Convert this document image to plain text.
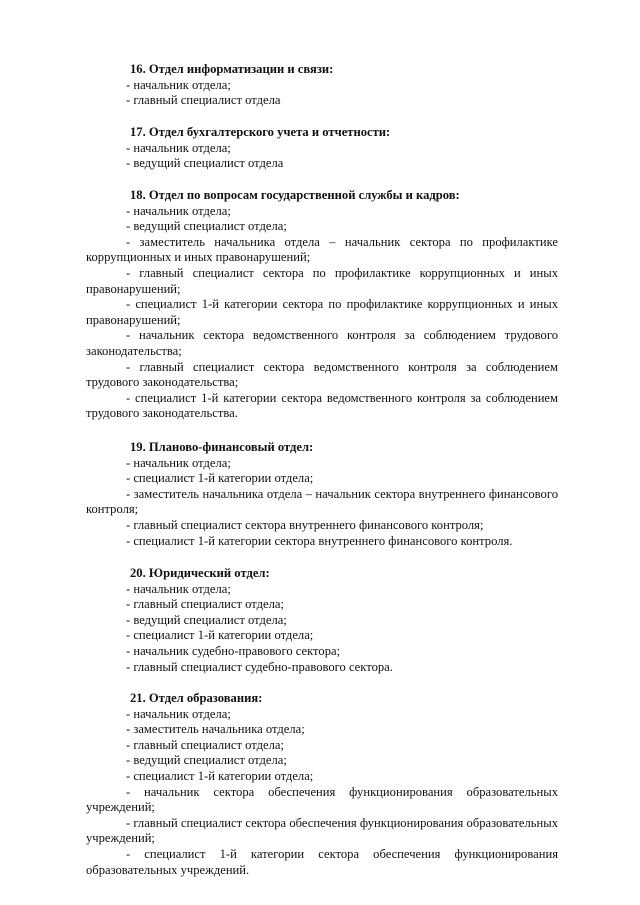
16. Отдел информатизации и связи:
- начальник отдела;
- главный специалист отдела
17. Отдел бухгалтерского учета и отчетности:
- начальник отдела;
- ведущий специалист отдела
18. Отдел по вопросам государственной службы и кадров:
- начальник отдела;
- ведущий специалист отдела;
- заместитель начальника отдела – начальник сектора по профилактике коррупционных и иных правонарушений;
- главный специалист сектора по профилактике коррупционных и иных правонарушений;
- специалист 1-й категории сектора по профилактике коррупционных и иных правонарушений;
- начальник сектора ведомственного контроля за соблюдением трудового законодательства;
- главный специалист сектора ведомственного контроля за соблюдением трудового законодательства;
- специалист 1-й категории сектора ведомственного контроля за соблюдением трудового законодательства.
19. Планово-финансовый отдел:
- начальник отдела;
- специалист 1-й категории отдела;
- заместитель начальника отдела – начальник сектора внутреннего финансового контроля;
- главный специалист сектора внутреннего финансового контроля;
- специалист 1-й категории сектора внутреннего финансового контроля.
20. Юридический отдел:
- начальник отдела;
- главный специалист отдела;
- ведущий специалист отдела;
- специалист 1-й категории отдела;
- начальник судебно-правового сектора;
- главный специалист судебно-правового сектора.
21. Отдел образования:
- начальник отдела;
- заместитель начальника отдела;
- главный специалист отдела;
- ведущий специалист отдела;
- специалист 1-й категории отдела;
- начальник сектора обеспечения функционирования образовательных учреждений;
- главный специалист сектора обеспечения функционирования образовательных учреждений;
- специалист 1-й категории сектора обеспечения функционирования образовательных учреждений.
